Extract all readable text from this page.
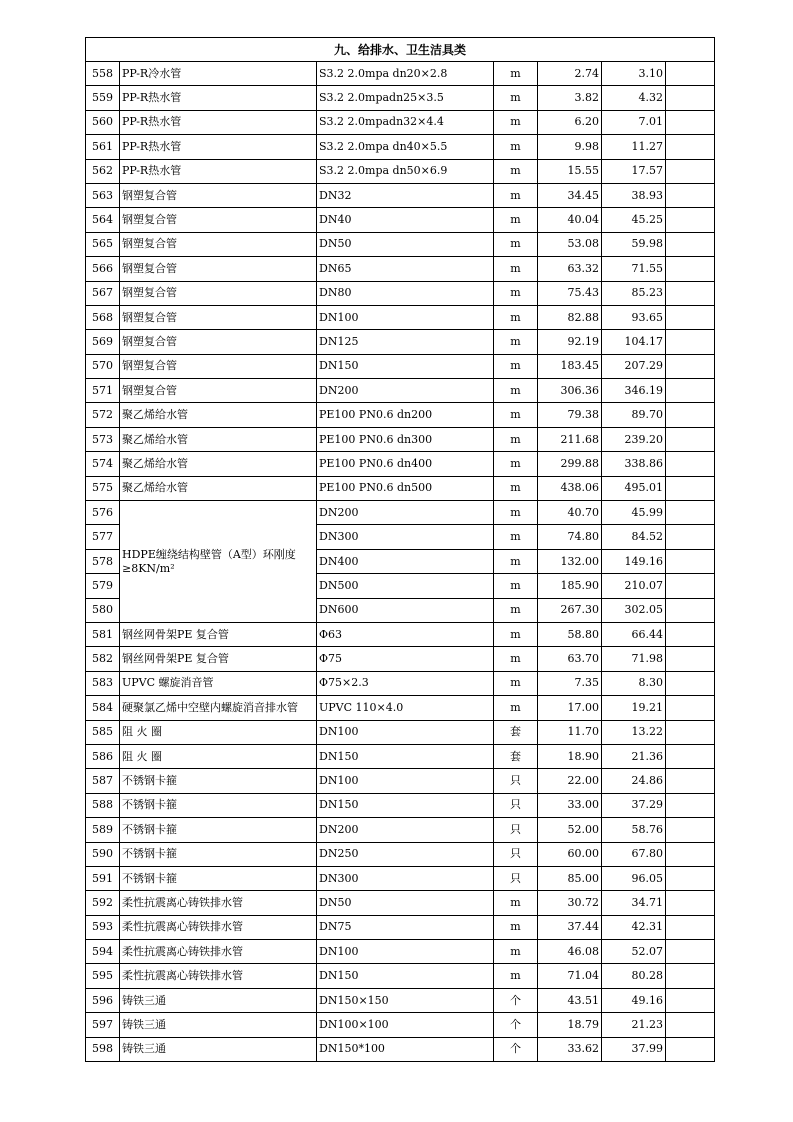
九、给排水、卫生洁具类						
558	PP-R冷水管	S3.2 2.0mpa dn20×2.8	m	2.74	3.10	
559	PP-R热水管	S3.2 2.0mpadn25×3.5	m	3.82	4.32	
560	PP-R热水管	S3.2 2.0mpadn32×4.4	m	6.20	7.01	
561	PP-R热水管	S3.2 2.0mpa dn40×5.5	m	9.98	11.27	
562	PP-R热水管	S3.2 2.0mpa dn50×6.9	m	15.55	17.57	
563	钢塑复合管	DN32	m	34.45	38.93	
564	钢塑复合管	DN40	m	40.04	45.25	
565	钢塑复合管	DN50	m	53.08	59.98	
566	钢塑复合管	DN65	m	63.32	71.55	
567	钢塑复合管	DN80	m	75.43	85.23	
568	钢塑复合管	DN100	m	82.88	93.65	
569	钢塑复合管	DN125	m	92.19	104.17	
570	钢塑复合管	DN150	m	183.45	207.29	
571	钢塑复合管	DN200	m	306.36	346.19	
572	聚乙烯给水管	PE100 PN0.6 dn200	m	79.38	89.70	
573	聚乙烯给水管	PE100 PN0.6 dn300	m	211.68	239.20	
574	聚乙烯给水管	PE100 PN0.6 dn400	m	299.88	338.86	
575	聚乙烯给水管	PE100 PN0.6 dn500	m	438.06	495.01	
576	HDPE缠绕结构壁管（A型）环刚度≥8KN/m²	DN200	m	40.70	45.99	
577		DN300	m	74.80	84.52	
578		DN400	m	132.00	149.16	
579		DN500	m	185.90	210.07	
580		DN600	m	267.30	302.05	
581	钢丝网骨架PE 复合管	Φ63	m	58.80	66.44	
582	钢丝网骨架PE 复合管	Φ75	m	63.70	71.98	
583	UPVC 螺旋消音管	Φ75×2.3	m	7.35	8.30	
584	硬聚氯乙烯中空壁内螺旋消音排水管	UPVC 110×4.0	m	17.00	19.21	
585	阻 火 圈	DN100	套	11.70	13.22	
586	阻 火 圈	DN150	套	18.90	21.36	
587	不锈钢卡箍	DN100	只	22.00	24.86	
588	不锈钢卡箍	DN150	只	33.00	37.29	
589	不锈钢卡箍	DN200	只	52.00	58.76	
590	不锈钢卡箍	DN250	只	60.00	67.80	
591	不锈钢卡箍	DN300	只	85.00	96.05	
592	柔性抗震离心铸铁排水管	DN50	m	30.72	34.71	
593	柔性抗震离心铸铁排水管	DN75	m	37.44	42.31	
594	柔性抗震离心铸铁排水管	DN100	m	46.08	52.07	
595	柔性抗震离心铸铁排水管	DN150	m	71.04	80.28	
596	铸铁三通	DN150×150	个	43.51	49.16	
597	铸铁三通	DN100×100	个	18.79	21.23	
598	铸铁三通	DN150*100	个	33.62	37.99	
